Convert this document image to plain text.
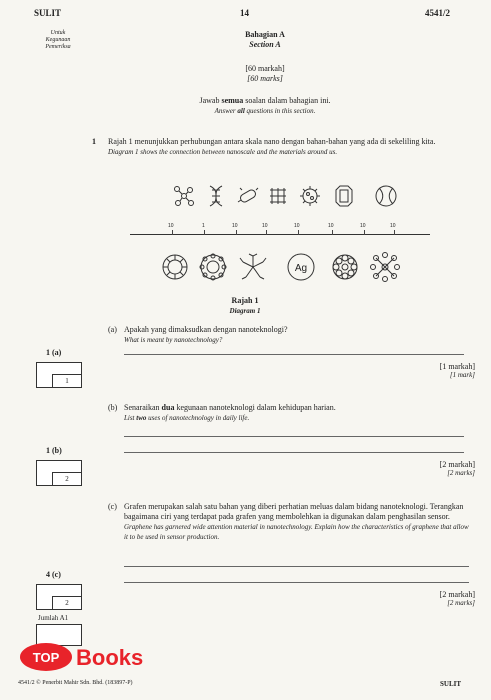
SULIT	14	4541/2
Untuk
Kegunaan
Pemeriksa
Bahagian A
Section A
[60 markah]
[60 marks]
Jawab semua soalan dalam bahagian ini.
Answer all questions in this section.
1 Rajah 1 menunjukkan perhubungan antara skala nano dengan bahan-bahan yang ada di sekeliling kita.
Diagram 1 shows the connection between nanoscale and the materials around us.
10	1	10	10	10	10	10	10
Ag
Rajah 1
Diagram 1
(a) Apakah yang dimaksudkan dengan nanoteknologi?
What is meant by nanotechnology?
[1 markah]
[1 mark]
1 (a)
1
(b) Senaraikan dua kegunaan nanoteknologi dalam kehidupan harian.
List two uses of nanotechnology in daily life.
[2 markah]
[2 marks]
1 (b)
2
(c) Grafen merupakan salah satu bahan yang diberi perhatian meluas dalam bidang nanoteknologi. Terangkan bagaimana ciri yang terdapat pada grafen yang membolehkan ia digunakan dalam penghasilan sensor.
Graphene has garnered wide attention material in nanotechnology. Explain how the characteristics of graphene that allow it to be used in sensor production.
[2 markah]
[2 marks]
4 (c)
2
Jumlah A1
TOP Books
4541/2 © Penerbit Mahir Sdn. Bhd. (183897-P)	SULIT
